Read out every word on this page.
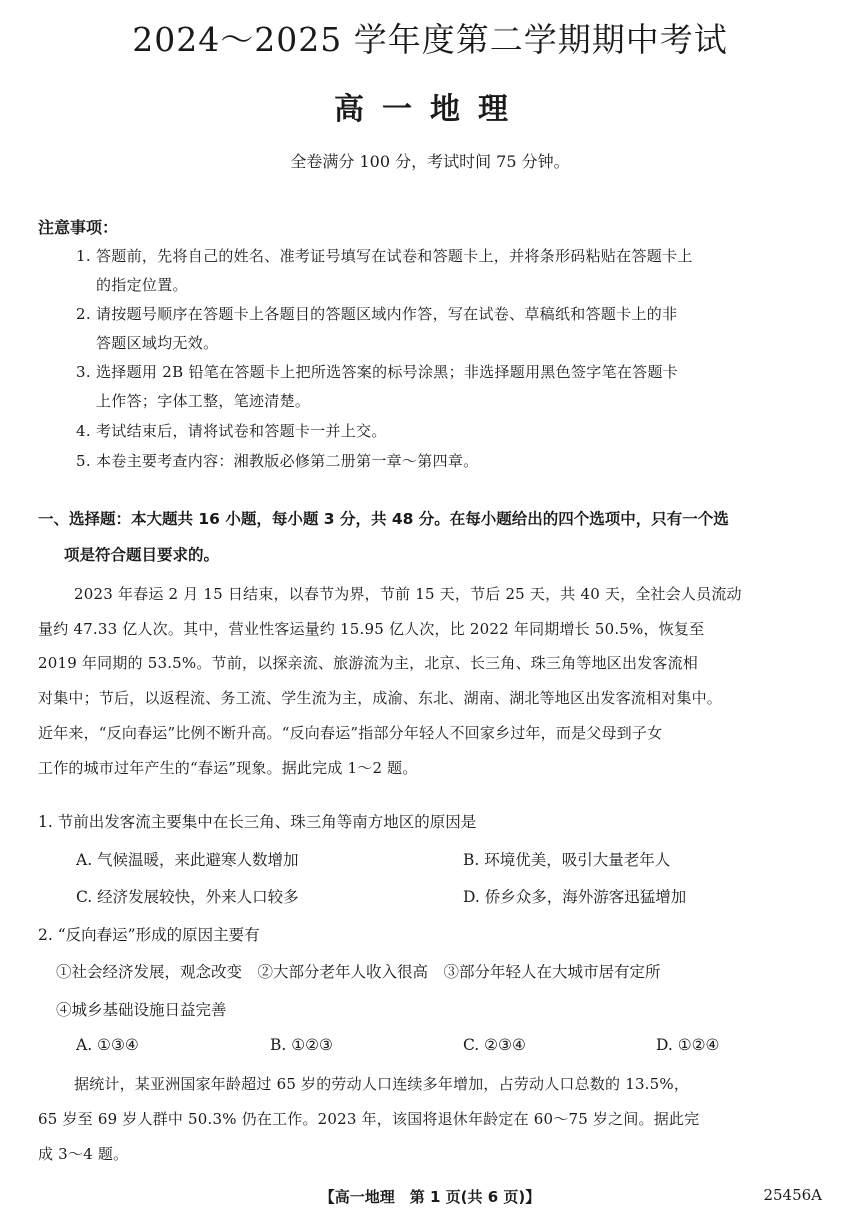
2024～2025 学年度第二学期期中考试
高一地理
全卷满分 100 分，考试时间 75 分钟。
注意事项：
1. 答题前，先将自己的姓名、准考证号填写在试卷和答题卡上，并将条形码粘贴在答题卡上
的指定位置。
2. 请按题号顺序在答题卡上各题目的答题区域内作答，写在试卷、草稿纸和答题卡上的非
答题区域均无效。
3. 选择题用 2B 铅笔在答题卡上把所选答案的标号涂黑；非选择题用黑色签字笔在答题卡
上作答；字体工整，笔迹清楚。
4. 考试结束后，请将试卷和答题卡一并上交。
5. 本卷主要考查内容：湘教版必修第二册第一章～第四章。
一、选择题：本大题共 16 小题，每小题 3 分，共 48 分。在每小题给出的四个选项中，只有一个选
项是符合题目要求的。
2023 年春运 2 月 15 日结束，以春节为界，节前 15 天，节后 25 天，共 40 天，全社会人员流动
量约 47.33 亿人次。其中，营业性客运量约 15.95 亿人次，比 2022 年同期增长 50.5%，恢复至
2019 年同期的 53.5%。节前，以探亲流、旅游流为主，北京、长三角、珠三角等地区出发客流相
对集中；节后，以返程流、务工流、学生流为主，成渝、东北、湖南、湖北等地区出发客流相对集中。
近年来，“反向春运”比例不断升高。“反向春运”指部分年轻人不回家乡过年，而是父母到子女
工作的城市过年产生的“春运”现象。据此完成 1～2 题。
1. 节前出发客流主要集中在长三角、珠三角等南方地区的原因是
A. 气候温暖，来此避寒人数增加	B. 环境优美，吸引大量老年人
C. 经济发展较快，外来人口较多	D. 侨乡众多，海外游客迅猛增加
2. “反向春运”形成的原因主要有
①社会经济发展，观念改变　②大部分老年人收入很高　③部分年轻人在大城市居有定所
④城乡基础设施日益完善
A. ①③④	B. ①②③	C. ②③④	D. ①②④
据统计，某亚洲国家年龄超过 65 岁的劳动人口连续多年增加，占劳动人口总数的 13.5%，
65 岁至 69 岁人群中 50.3% 仍在工作。2023 年，该国将退休年龄定在 60～75 岁之间。据此完
成 3～4 题。
【高一地理　第 1 页(共 6 页)】	25456A
